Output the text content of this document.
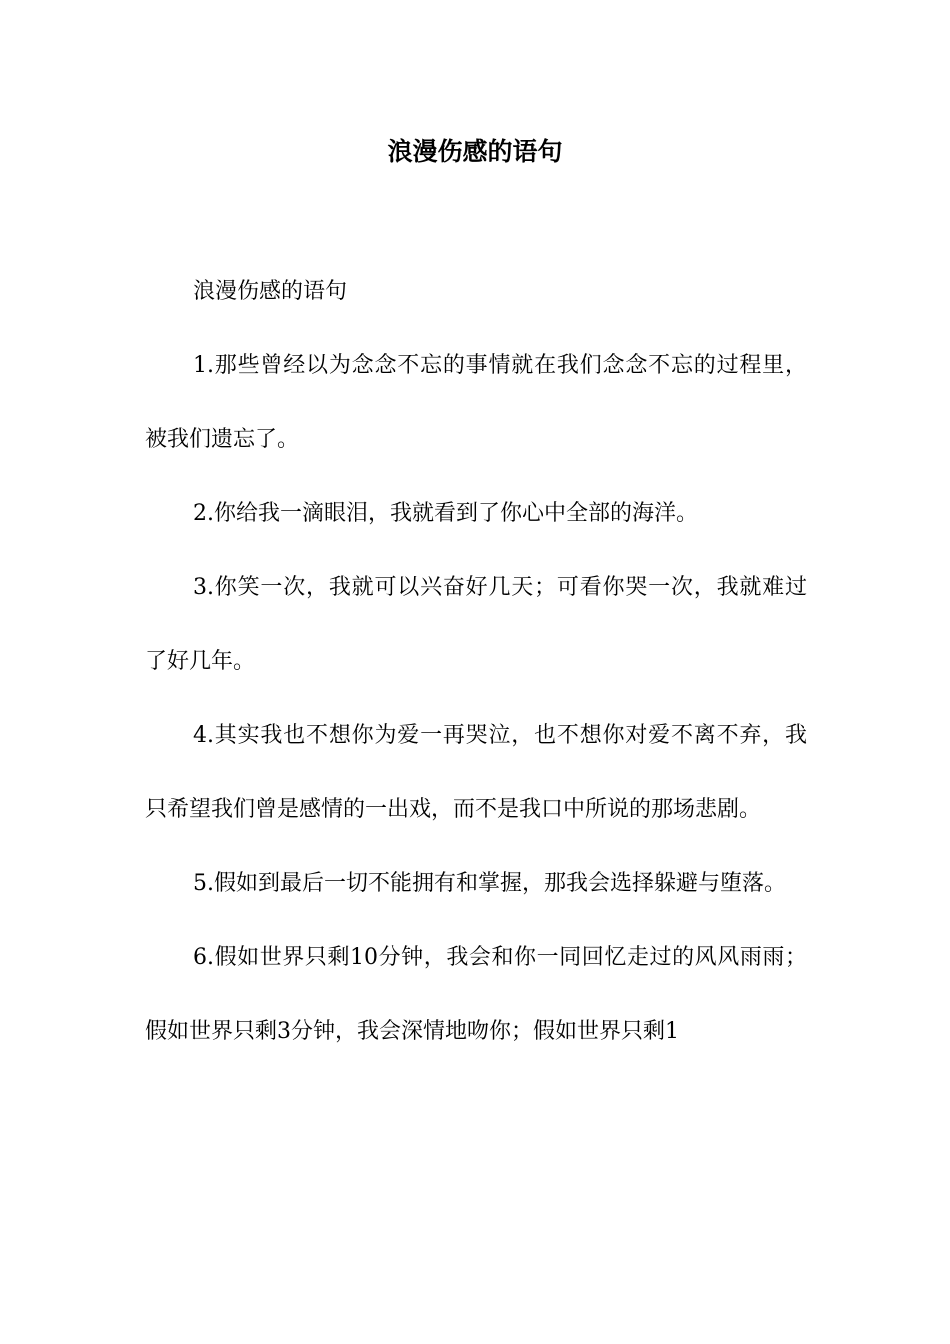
浪漫伤感的语句

浪漫伤感的语句

1.那些曾经以为念念不忘的事情就在我们念念不忘的过程里，被我们遗忘了。

2.你给我一滴眼泪，我就看到了你心中全部的海洋。

3.你笑一次，我就可以兴奋好几天；可看你哭一次，我就难过了好几年。

4.其实我也不想你为爱一再哭泣，也不想你对爱不离不弃，我只希望我们曾是感情的一出戏，而不是我口中所说的那场悲剧。

5.假如到最后一切不能拥有和掌握，那我会选择躲避与堕落。

6.假如世界只剩10分钟，我会和你一同回忆走过的风风雨雨；假如世界只剩3分钟，我会深情地吻你；假如世界只剩1
